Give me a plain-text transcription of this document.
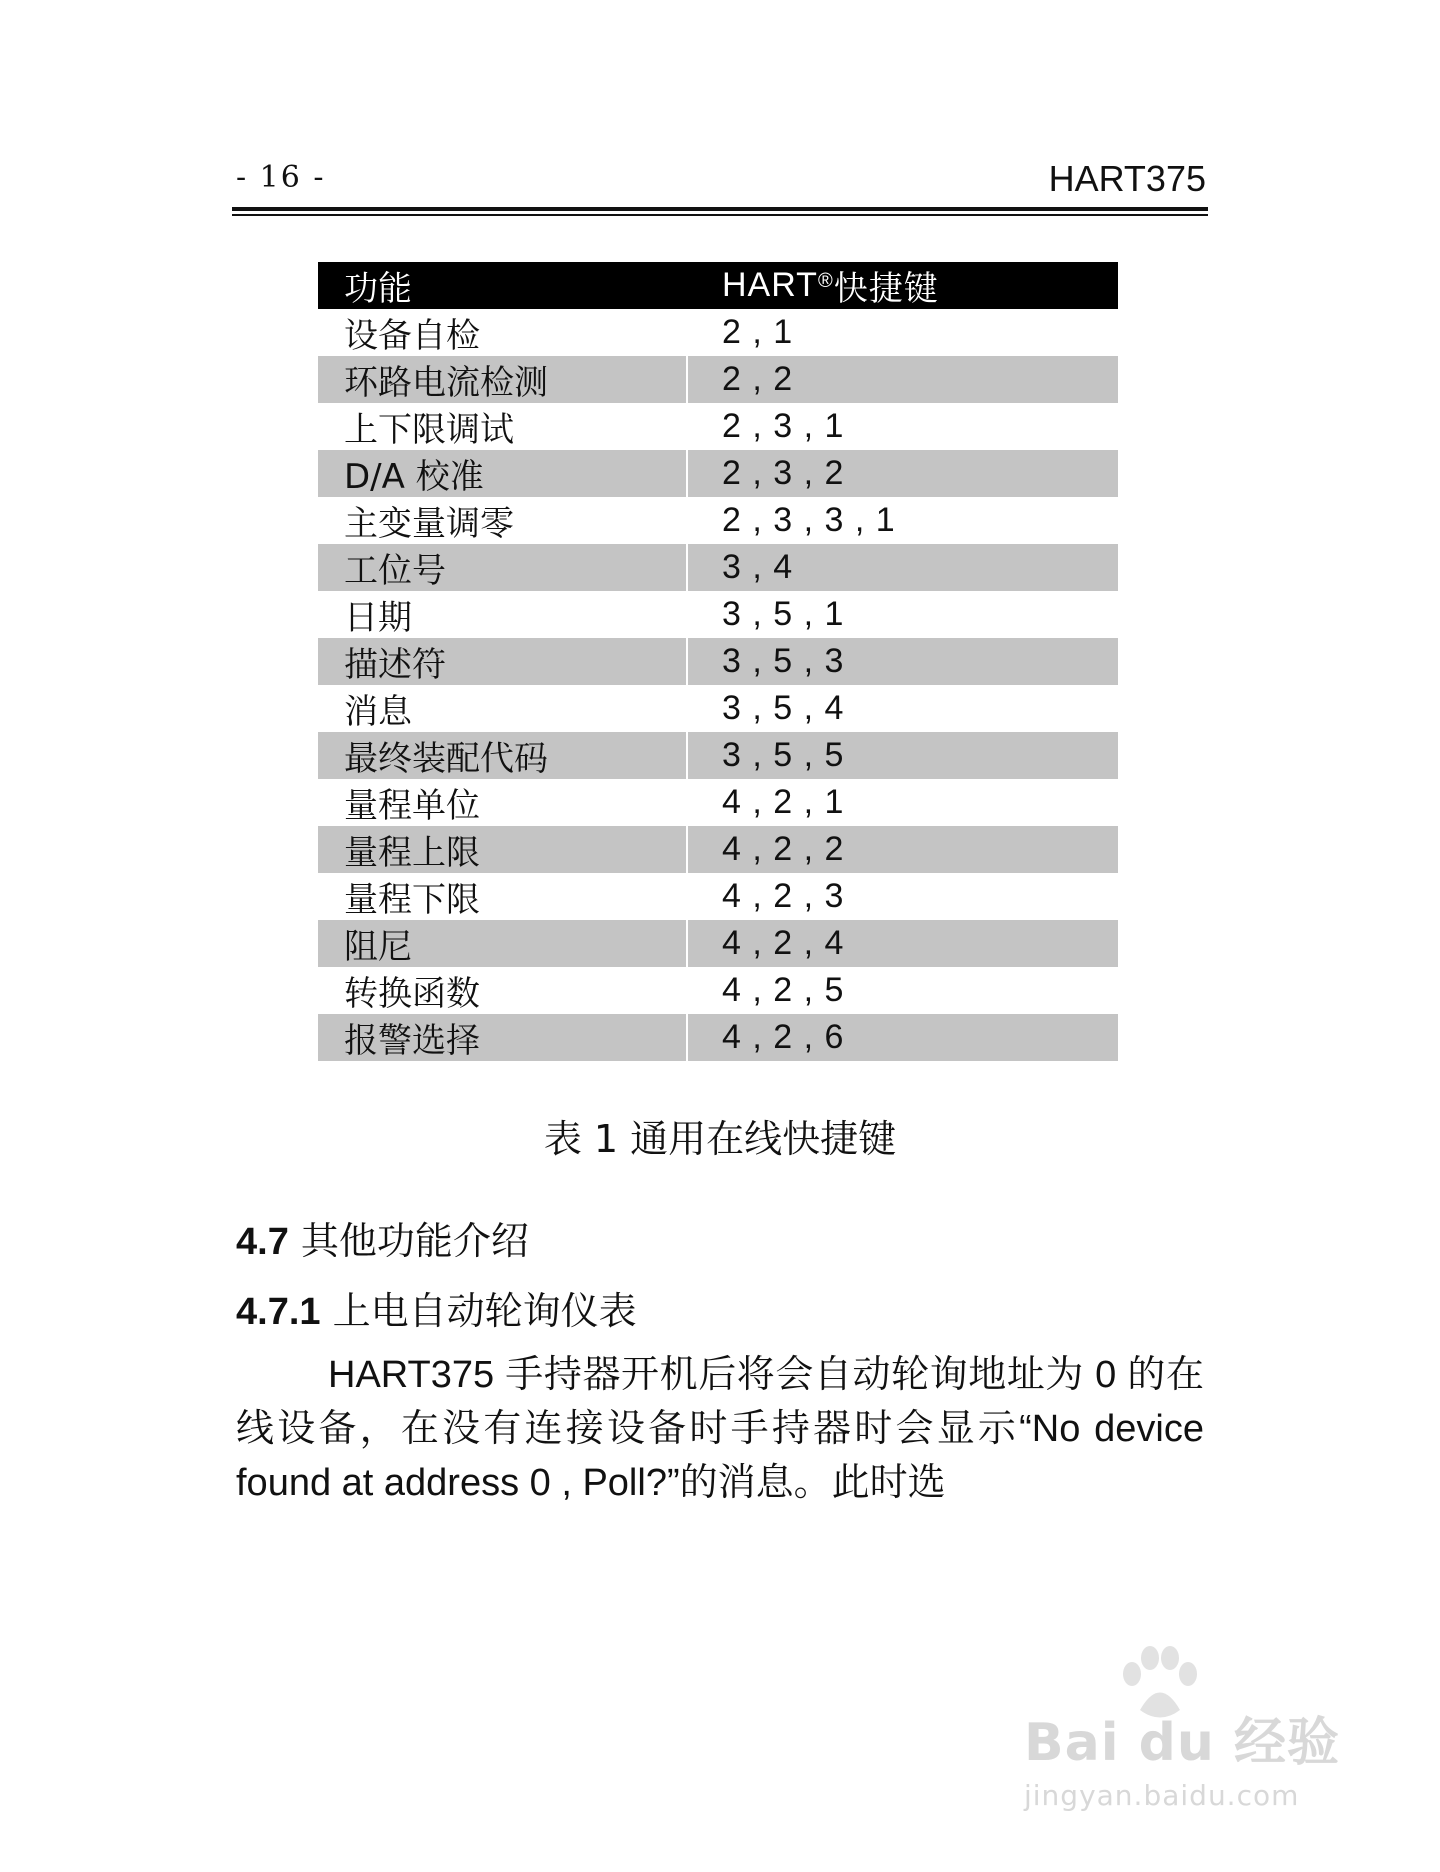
- 16 -	HART375
功能	HART® 快捷键
设备自检	2 , 1
环路电流检测	2 , 2
上下限调试	2 , 3 , 1
D/A 校准	2 , 3 , 2
主变量调零	2 , 3 , 3 , 1
工位号	3 , 4
日期	3 , 5 , 1
描述符	3 , 5 , 3
消息	3 , 5 , 4
最终装配代码	3 , 5 , 5
量程单位	4 , 2 , 1
量程上限	4 , 2 , 2
量程下限	4 , 2 , 3
阻尼	4 , 2 , 4
转换函数	4 , 2 , 5
报警选择	4 , 2 , 6
表 1 通用在线快捷键
4.7 其他功能介绍
4.7.1 上电自动轮询仪表
HART375 手持器开机后将会自动轮询地址为 0 的在线设备，在没有连接设备时手持器时会显示“No device found at address 0 , Poll?”的消息。此时选
Bai du 经验
jingyan.baidu.com
